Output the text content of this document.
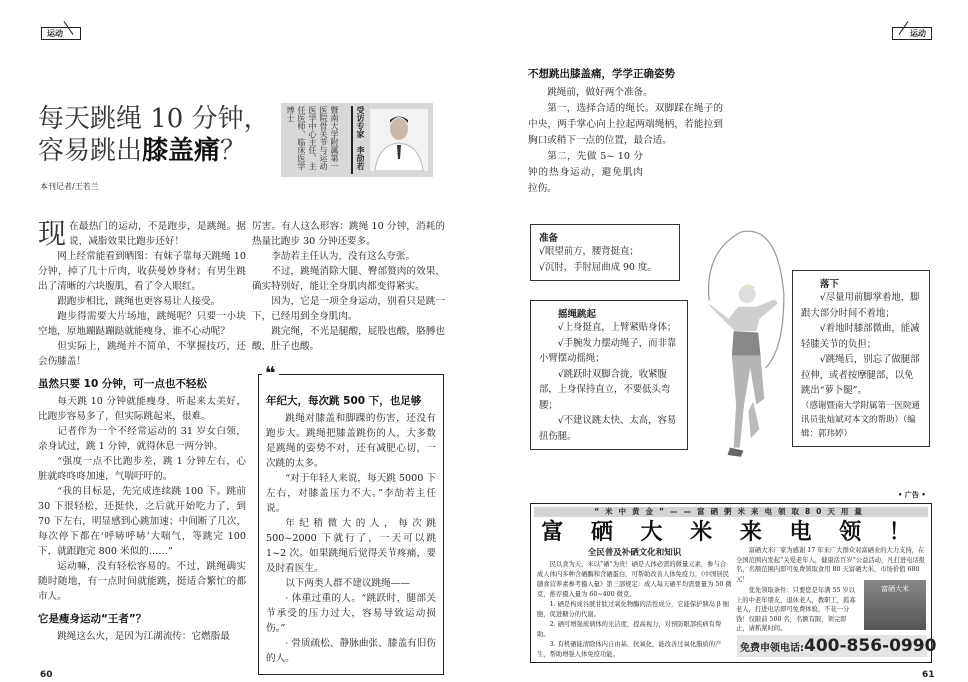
运动	运动
每天跳绳 10 分钟，
容易跳出膝盖痛？
本刊记者/王若兰
受访专家　李劼若
暨南大学附属第一
医院骨关节与运动
医学中心主任、主
任医师、临床医学
博士

现在最热门的运动，不是跑步，是跳绳。据说，减脂效果比跑步还好！

网上经常能看到晒图：有妹子靠每天跳绳 10 分钟，掉了几十斤肉，收获曼妙身材；有男生跳出了清晰的六块腹肌，看了令人眼红。

跟跑步相比，跳绳也更容易让人接受。

跑步得需要大片场地，跳绳呢？只要一小块空地，原地蹦跶蹦跶就能瘦身，谁不心动呢？

但实际上，跳绳并不简单，不掌握技巧，还会伤膝盖！

虽然只要 10 分钟，可一点也不轻松

每天跳 10 分钟就能瘦身，听起来太美好，比跑步容易多了，但实际跳起来，很难。

记者作为一个不经常运动的 31 岁女白领，亲身试过，跳 1 分钟，就得休息一两分钟。

“强度一点不比跑步差，跳 1 分钟左右，心脏就咚咚咚加速，气喘吁吁的。

“我的目标是，先完成连续跳 100 下。跳前 30 下很轻松，还挺快，之后就开始吃力了，到 70 下左右，明显感到心跳加速；中间断了几次，每次停下都在‘呼哧呼哧’大喘气，等跳完 100 下，就跟跑完 800 米似的……”

运动嘛，没有轻松容易的。不过，跳绳确实随时随地，有一点时间就能跳，挺适合繁忙的都市人。

它是瘦身运动“王者”？

跳绳这么火，是因为江湖流传：它燃脂最

厉害。有人这么形容：跳绳 10 分钟，消耗的热量比跑步 30 分钟还要多。

李劼若主任认为，没有这么夸张。

不过，跳绳消除大腿、臀部赘肉的效果，确实特别好，能让全身肌肉都变得紧实。

因为，它是一项全身运动，别看只是跳一下，已经用到全身肌肉。

跳完绳，不光是腿酸，屁股也酸，胳膊也酸，肚子也酸。

年纪大，每次跳 500 下，也足够

跳绳对膝盖和脚踝的伤害，还没有跑步大。跳绳把膝盖跳伤的人，大多数是跳绳的姿势不对，还有减肥心切，一次跳的太多。

“对于年轻人来说，每天跳 5000 下左右，对膝盖压力不大。”李劼若主任说。

年纪稍微大的人，每次跳 500~2000 下就行了，一天可以跳 1~2 次。如果跳绳后觉得关节疼痛，要及时看医生。

以下两类人群不建议跳绳——

· 体重过重的人。“跳跃时，腿部关节承受的压力过大，容易导致运动损伤。”

· 骨质疏松、静脉曲张、膝盖有旧伤的人。

❝
不想跳出膝盖痛，学学正确姿势

跳绳前，做好两个准备。

第一，选择合适的绳长。双脚踩在绳子的中央，两手掌心向上拉起两端绳柄，若能拉到胸口或稍下一点的位置，最合适。

第二，先做 5~ 10 分钟的热身运动，避免肌肉拉伤。

准备
√眼望前方，腰背挺直；
√沉肘，手肘屈曲成 90 度。
摇绳跳起

√上身挺直，上臂紧贴身体；

√手腕发力摆动绳子，而非靠小臂摆动摇绳；

√跳跃时双脚合拢，收紧腹部，上身保持直立，不要低头弯腰；

√不建议跳太快、太高，容易扭伤腿。

落下

√尽量用前脚掌着地，脚跟大部分时间不着地；

√着地时膝部微曲，能减轻膝关节的负担；

√跳绳后，别忘了做腿部拉伸，或者按摩腿部，以免跳出“萝卜腿”。

（感谢暨南大学附属第一医院通讯员张灿斌对本文的帮助）（编辑：郭玮婷）
• 广告 •
“米中黄金”——富硒粥米来电领取80天用量
富 硒 大 米 来 电 领 ！
全民普及补硒文化和知识

民以食为天，米以“硒”为贵！硒是人体必需的微量元素，参与合成人体内多种含硒酶和含硒蛋白，可帮助改善人体免疫力。《中国居民膳食营养素参考摄入量》第三部规定：成人每天硒平均需要量为 50 微克，推荐摄入量为 60~400 微克。

1. 硒是构成谷胱甘肽过氧化物酶的活性成分，它能保护胰岛 β 细胞，促进糖分的代谢。

2. 硒可增强玻璃体的光洁度，提高视力，对预防眼部疾病有帮助。

3. 有机硒能清除体内自由基，抗氧化，能改善过氧化脂质的产生，帮助增强人体免疫功能。

富硒大米厂家为感谢 17 年来广大群众对富硒业的大力支持，在全国范围内发起“关爱老年人，健康活百岁”公益活动，凡打进电话报名，名额范围内即可免费领取食用 80 天富硒大米，市场价值 680 元！

优先领取条件：只要您是年满 55 岁以上的中老年朋友，退休老人，教职工，孤寡老人，打进电话即可免费体验，不花一分钱！仅限前 500 名，名额有限，领完即止，请抓紧时间。

富硒大米
免费申领电话:400-856-0990
60	61
